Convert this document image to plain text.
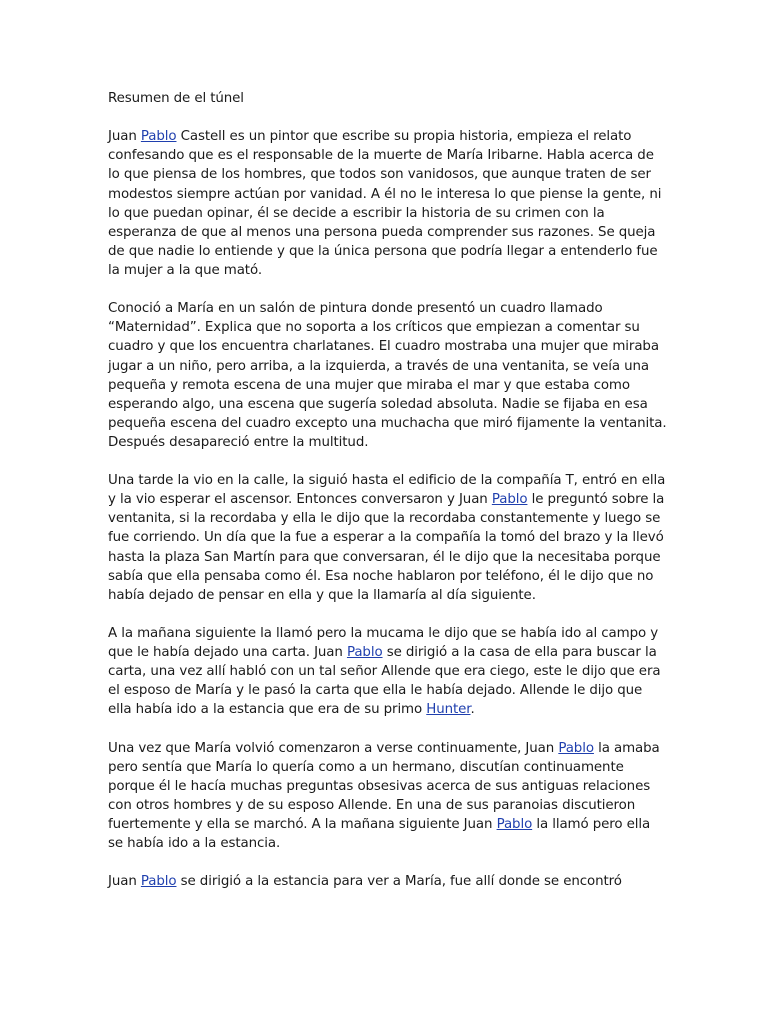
Resumen de el túnel

Juan Pablo Castell es un pintor que escribe su propia historia, empieza el relato confesando que es el responsable de la muerte de María Iribarne. Habla acerca de lo que piensa de los hombres, que todos son vanidosos, que aunque traten de ser modestos siempre actúan por vanidad. A él no le interesa lo que piense la gente, ni lo que puedan opinar, él se decide a escribir la historia de su crimen con la esperanza de que al menos una persona pueda comprender sus razones. Se queja de que nadie lo entiende y que la única persona que podría llegar a entenderlo fue la mujer a la que mató.

Conoció a María en un salón de pintura donde presentó un cuadro llamado “Maternidad”. Explica que no soporta a los críticos que empiezan a comentar su cuadro y que los encuentra charlatanes. El cuadro mostraba una mujer que miraba jugar a un niño, pero arriba, a la izquierda, a través de una ventanita, se veía una pequeña y remota escena de una mujer que miraba el mar y que estaba como esperando algo, una escena que sugería soledad absoluta. Nadie se fijaba en esa pequeña escena del cuadro excepto una muchacha que miró fijamente la ventanita. Después desapareció entre la multitud.

Una tarde la vio en la calle, la siguió hasta el edificio de la compañía T, entró en ella y la vio esperar el ascensor. Entonces conversaron y Juan Pablo le preguntó sobre la ventanita, si la recordaba y ella le dijo que la recordaba constantemente y luego se fue corriendo. Un día que la fue a esperar a la compañía la tomó del brazo y la llevó hasta la plaza San Martín para que conversaran, él le dijo que la necesitaba porque sabía que ella pensaba como él. Esa noche hablaron por teléfono, él le dijo que no había dejado de pensar en ella y que la llamaría al día siguiente.

A la mañana siguiente la llamó pero la mucama le dijo que se había ido al campo y que le había dejado una carta. Juan Pablo se dirigió a la casa de ella para buscar la carta, una vez allí habló con un tal señor Allende que era ciego, este le dijo que era el esposo de María y le pasó la carta que ella le había dejado. Allende le dijo que ella había ido a la estancia que era de su primo Hunter.

Una vez que María volvió comenzaron a verse continuamente, Juan Pablo la amaba pero sentía que María lo quería como a un hermano, discutían continuamente porque él le hacía muchas preguntas obsesivas acerca de sus antiguas relaciones con otros hombres y de su esposo Allende. En una de sus paranoias discutieron fuertemente y ella se marchó. A la mañana siguiente Juan Pablo la llamó pero ella se había ido a la estancia.

Juan Pablo se dirigió a la estancia para ver a María, fue allí donde se encontró
